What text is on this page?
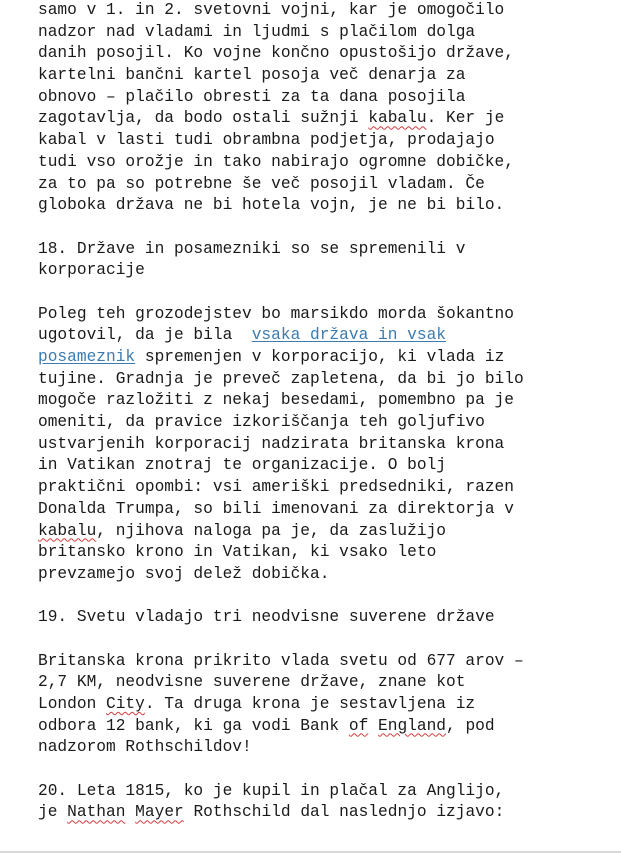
samo v 1. in 2. svetovni vojni, kar je omogočilo
nadzor nad vladami in ljudmi s plačilom dolga
danih posojil. Ko vojne končno opustošijo države,
kartelni bančni kartel posoja več denarja za
obnovo – plačilo obresti za ta dana posojila
zagotavlja, da bodo ostali sužnji kabalu. Ker je
kabal v lasti tudi obrambna podjetja, prodajajo
tudi vso orožje in tako nabirajo ogromne dobičke,
za to pa so potrebne še več posojil vladam. Če
globoka država ne bi hotela vojn, je ne bi bilo.
18. Države in posamezniki so se spremenili v
korporacije
Poleg teh grozodejstev bo marsikdo morda šokantno
ugotovil, da je bila  vsaka država in vsak
posameznik spremenjen v korporacijo, ki vlada iz
tujine. Gradnja je preveč zapletena, da bi jo bilo
mogoče razložiti z nekaj besedami, pomembno pa je
omeniti, da pravice izkoriščanja teh goljufivo
ustvarjenih korporacij nadzirata britanska krona
in Vatikan znotraj te organizacije. O bolj
praktični opombi: vsi ameriški predsedniki, razen
Donalda Trumpa, so bili imenovani za direktorja v
kabalu, njihova naloga pa je, da zaslužijo
britansko krono in Vatikan, ki vsako leto
prevzamejo svoj delež dobička.
19. Svetu vladajo tri neodvisne suverene države
Britanska krona prikrito vlada svetu od 677 arov –
2,7 KM, neodvisne suverene države, znane kot
London City. Ta druga krona je sestavljena iz
odbora 12 bank, ki ga vodi Bank of England, pod
nadzorom Rothschildov!
20. Leta 1815, ko je kupil in plačal za Anglijo,
je Nathan Mayer Rothschild dal naslednjo izjavo:
